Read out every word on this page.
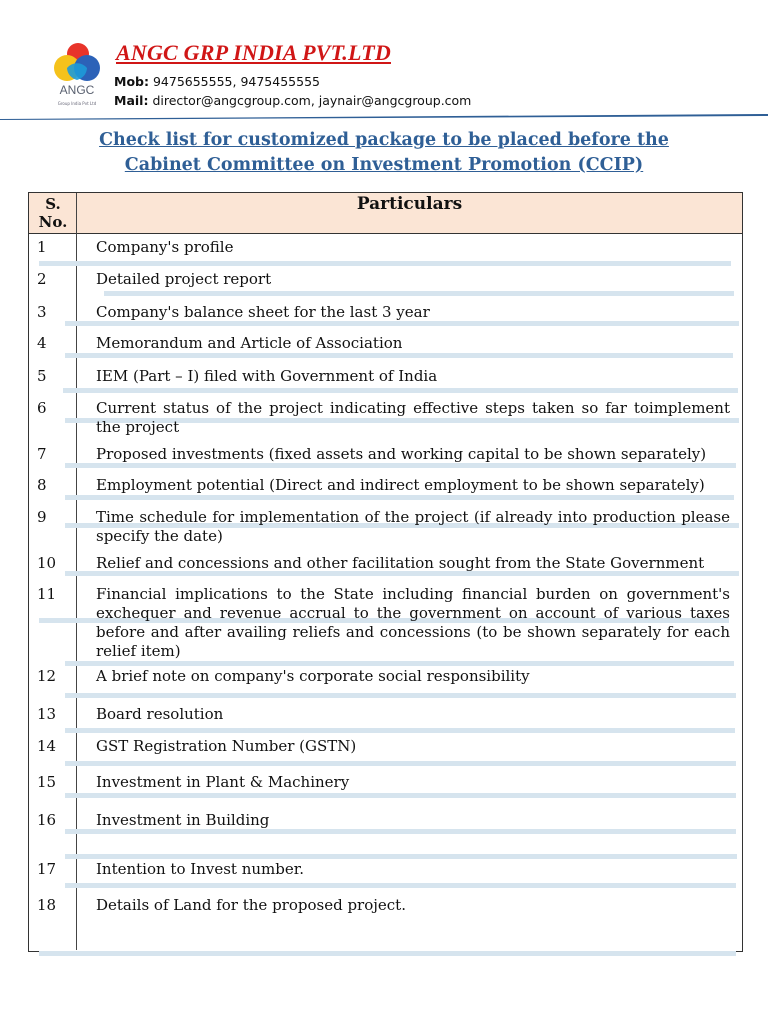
ANGC
Group India Pvt Ltd
ANGC GRP INDIA PVT.LTD
Mob: 9475655555, 9475455555
Mail: director@angcgroup.com, jaynair@angcgroup.com
Check list for customized package to be placed before the
Cabinet Committee on Investment Promotion (CCIP)
S. No.
Particulars
1	Company's profile
2	Detailed project report
3	Company's balance sheet for the last 3 year
4	Memorandum and Article of Association
5	IEM (Part – I) filed with Government of India
6	Current status of the project indicating effective steps taken so far toimplement the project
7	Proposed investments (fixed assets and working capital to be shown separately)
8	Employment potential (Direct and indirect employment to be shown separately)
9	Time schedule for implementation of the project (if already into production please specify the date)
10	Relief and concessions and other facilitation sought from the State Government
11	Financial implications to the State including financial burden on government's exchequer and revenue accrual to the government on account of various taxes before and after availing reliefs and concessions (to be shown separately for each relief item)
12	A brief note on company's corporate social responsibility
13	Board resolution
14	GST Registration Number (GSTN)
15	Investment in Plant & Machinery
16	Investment in Building
17	Intention to Invest number.
18	Details of Land for the proposed project.
